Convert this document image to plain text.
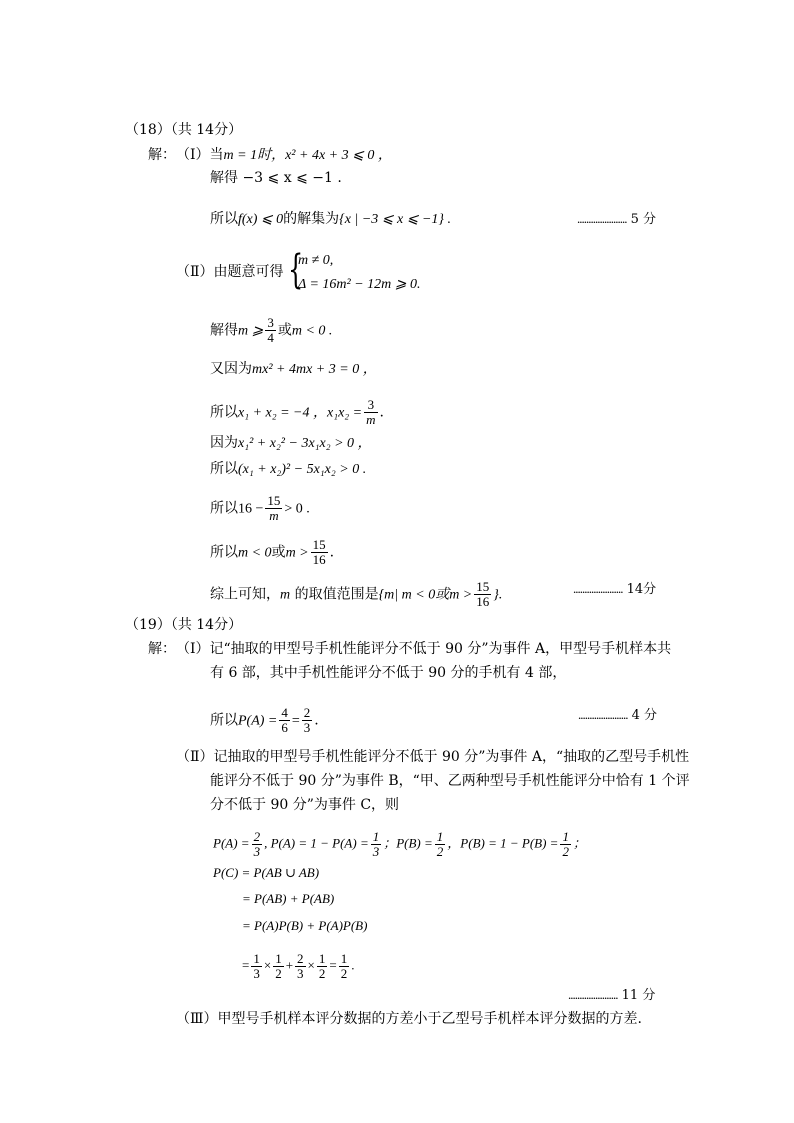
（18）（共 14分）
解： （Ⅰ）当m = 1时，x² + 4x + 3 ⩽ 0 ，
解得 −3 ⩽ x ⩽ −1 .
所以f(x) ⩽ 0的解集为{x | −3 ⩽ x ⩽ −1} .	...................... 5 分
（Ⅱ）由题意可得 {
m ≠ 0,
Δ = 16m² − 12m ⩾ 0.
解得m ⩾ $\frac{3}{4}$ 或m < 0 .
又因为mx² + 4mx + 3 = 0 ，
所以x₁ + x₂ = −4 ，$x_1x_2 = \frac{3}{m}$ .
因为x₁² + x₂² − 3x₁x₂ > 0 ，
所以(x₁ + x₂)² − 5x₁x₂ > 0 .
所以$16 - \frac{15}{m} > 0$ .
所以m < 0或$m > \frac{15}{16}$ .
综上可知，m 的取值范围是{m| m < 0或$m > \frac{15}{16}$ }.	...................... 14分
（19）（共 14分）
解： （Ⅰ）记“抽取的甲型号手机性能评分不低于 90 分”为事件 A，甲型号手机样本共
有 6 部，其中手机性能评分不低于 90 分的手机有 4 部，
所以$P(A) = \frac{4}{6} = \frac{2}{3}$ .	...................... 4 分
（Ⅱ）记抽取的甲型号手机性能评分不低于 90 分”为事件 A，“抽取的乙型号手机性
能评分不低于 90 分”为事件 B，“甲、乙两种型号手机性能评分中恰有 1 个评
分不低于 90 分”为事件 C，则
$P(A) = \frac{2}{3}$ , $P(A) = 1 - P(A) = \frac{1}{3}$ ；$P(B) = \frac{1}{2}$ ，$P(B) = 1 - P(B) = \frac{1}{2}$ ；
P(C) = P(AB ∪ AB)
= P(AB) + P(AB)
= P(A)P(B) + P(A)P(B)
= $\frac{1}{3} \times \frac{1}{2} + \frac{2}{3} \times \frac{1}{2} = \frac{1}{2}$ .
...................... 11 分
（Ⅲ）甲型号手机样本评分数据的方差小于乙型号手机样本评分数据的方差.
